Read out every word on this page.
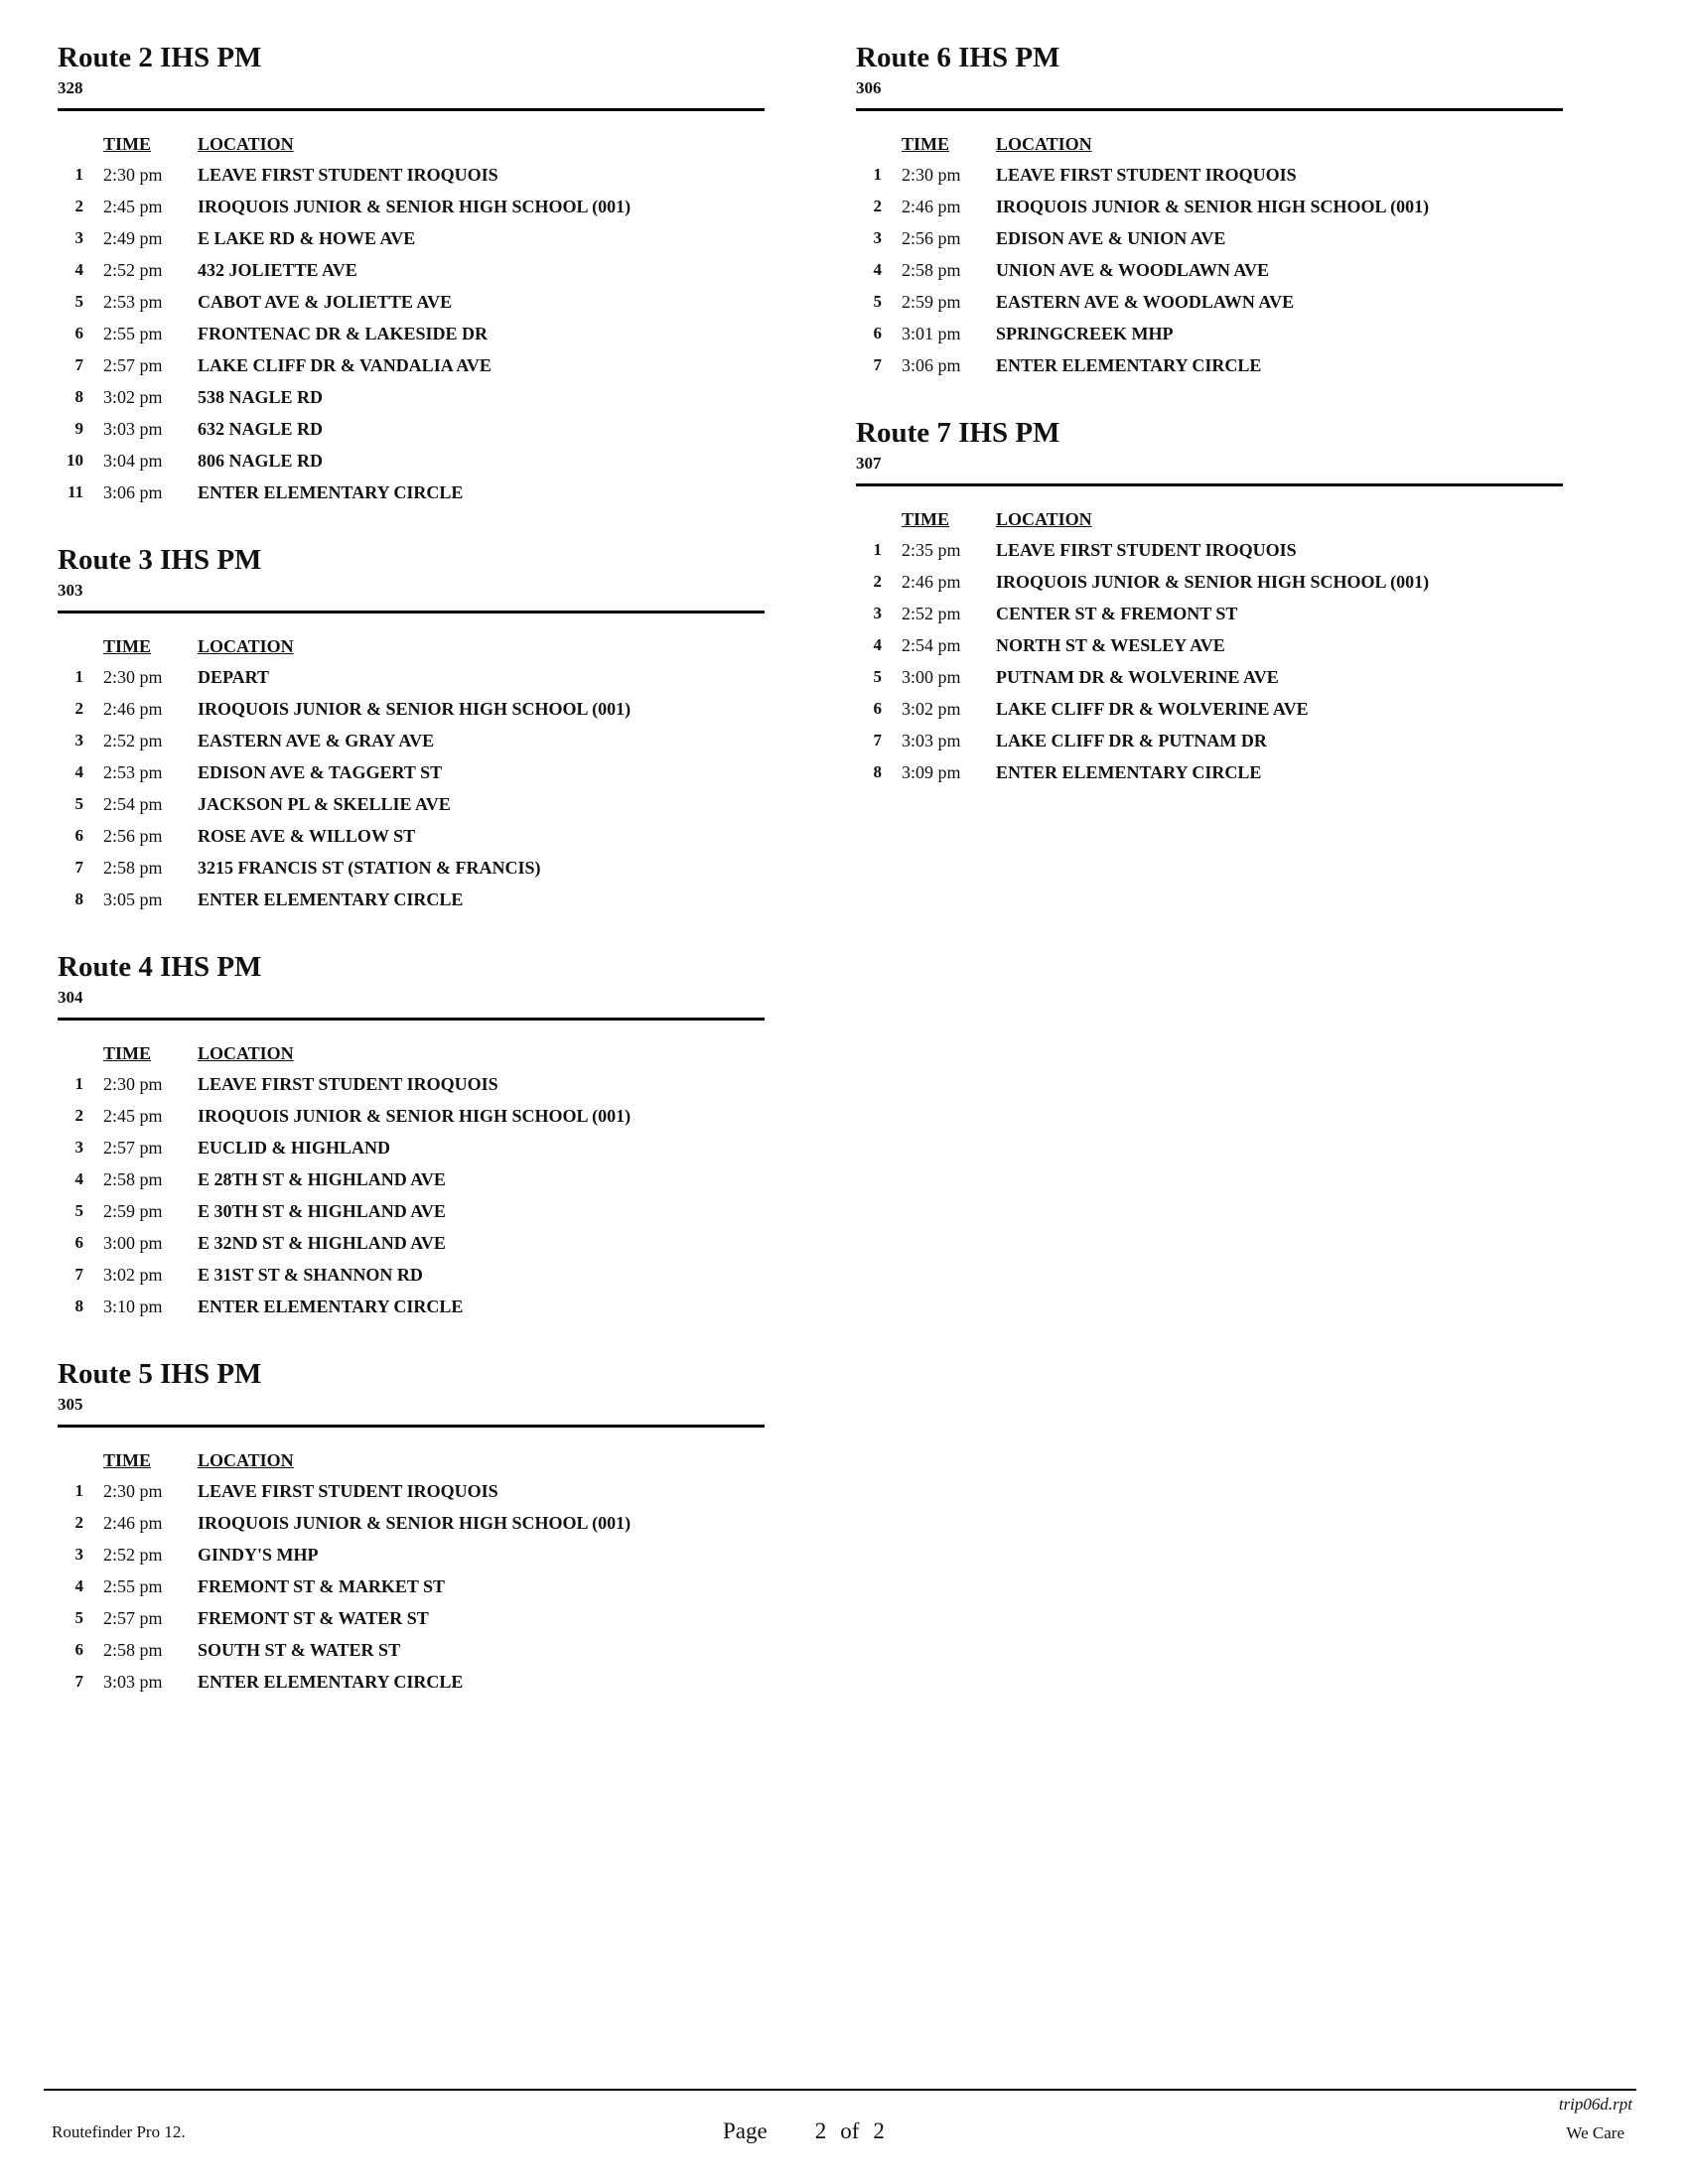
Route 2 IHS PM
328
	TIME	LOCATION
1	2:30 pm	LEAVE FIRST STUDENT IROQUOIS
2	2:45 pm	IROQUOIS JUNIOR & SENIOR HIGH SCHOOL (001)
3	2:49 pm	E LAKE RD & HOWE AVE
4	2:52 pm	432 JOLIETTE AVE
5	2:53 pm	CABOT AVE & JOLIETTE AVE
6	2:55 pm	FRONTENAC DR & LAKESIDE DR
7	2:57 pm	LAKE CLIFF DR & VANDALIA AVE
8	3:02 pm	538 NAGLE RD
9	3:03 pm	632 NAGLE RD
10	3:04 pm	806 NAGLE RD
11	3:06 pm	ENTER ELEMENTARY CIRCLE
Route 3 IHS PM
303
	TIME	LOCATION
1	2:30 pm	DEPART
2	2:46 pm	IROQUOIS JUNIOR & SENIOR HIGH SCHOOL (001)
3	2:52 pm	EASTERN AVE & GRAY AVE
4	2:53 pm	EDISON AVE & TAGGERT ST
5	2:54 pm	JACKSON PL & SKELLIE AVE
6	2:56 pm	ROSE AVE & WILLOW ST
7	2:58 pm	3215 FRANCIS ST (STATION & FRANCIS)
8	3:05 pm	ENTER ELEMENTARY CIRCLE
Route 4 IHS PM
304
	TIME	LOCATION
1	2:30 pm	LEAVE FIRST STUDENT IROQUOIS
2	2:45 pm	IROQUOIS JUNIOR & SENIOR HIGH SCHOOL (001)
3	2:57 pm	EUCLID & HIGHLAND
4	2:58 pm	E 28TH ST & HIGHLAND AVE
5	2:59 pm	E 30TH ST & HIGHLAND AVE
6	3:00 pm	E 32ND ST & HIGHLAND AVE
7	3:02 pm	E 31ST ST & SHANNON RD
8	3:10 pm	ENTER ELEMENTARY CIRCLE
Route 5 IHS PM
305
	TIME	LOCATION
1	2:30 pm	LEAVE FIRST STUDENT IROQUOIS
2	2:46 pm	IROQUOIS JUNIOR & SENIOR HIGH SCHOOL (001)
3	2:52 pm	GINDY'S MHP
4	2:55 pm	FREMONT ST & MARKET ST
5	2:57 pm	FREMONT ST & WATER ST
6	2:58 pm	SOUTH ST & WATER ST
7	3:03 pm	ENTER ELEMENTARY CIRCLE
Route 6 IHS PM
306
	TIME	LOCATION
1	2:30 pm	LEAVE FIRST STUDENT IROQUOIS
2	2:46 pm	IROQUOIS JUNIOR & SENIOR HIGH SCHOOL (001)
3	2:56 pm	EDISON AVE & UNION AVE
4	2:58 pm	UNION AVE & WOODLAWN AVE
5	2:59 pm	EASTERN AVE & WOODLAWN AVE
6	3:01 pm	SPRINGCREEK MHP
7	3:06 pm	ENTER ELEMENTARY CIRCLE
Route 7 IHS PM
307
	TIME	LOCATION
1	2:35 pm	LEAVE FIRST STUDENT IROQUOIS
2	2:46 pm	IROQUOIS JUNIOR & SENIOR HIGH SCHOOL (001)
3	2:52 pm	CENTER ST & FREMONT ST
4	2:54 pm	NORTH ST & WESLEY AVE
5	3:00 pm	PUTNAM DR & WOLVERINE AVE
6	3:02 pm	LAKE CLIFF DR & WOLVERINE AVE
7	3:03 pm	LAKE CLIFF DR & PUTNAM DR
8	3:09 pm	ENTER ELEMENTARY CIRCLE
Routefinder Pro 12.	Page 2 of 2
trip06d.rpt
We Care
